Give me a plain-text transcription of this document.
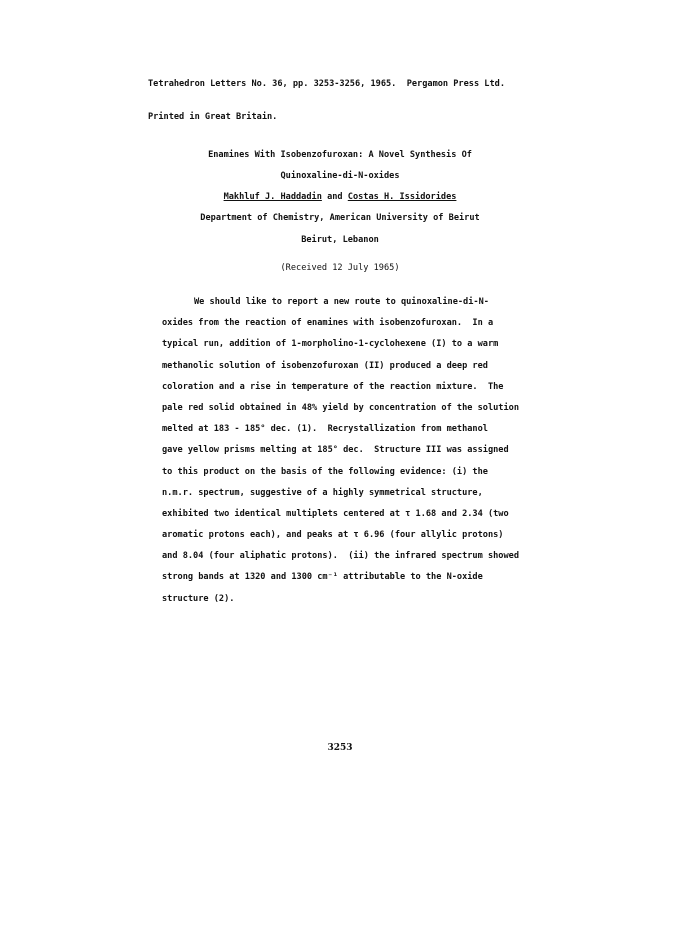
Tetrahedron Letters No. 36, pp. 3253-3256, 1965.  Pergamon Press Ltd.

Printed in Great Britain.

Enamines With Isobenzofuroxan: A Novel Synthesis Of
Quinoxaline-di-N-oxides
Makhluf J. Haddadin and Costas H. Issidorides
Department of Chemistry, American University of Beirut
Beirut, Lebanon
(Received 12 July 1965)
We should like to report a new route to quinoxaline-di-N-
oxides from the reaction of enamines with isobenzofuroxan.  In a
typical run, addition of 1-morpholino-1-cyclohexene (I) to a warm
methanolic solution of isobenzofuroxan (II) produced a deep red
coloration and a rise in temperature of the reaction mixture.  The
pale red solid obtained in 48% yield by concentration of the solution
melted at 183 - 185° dec. (1).  Recrystallization from methanol
gave yellow prisms melting at 185° dec.  Structure III was assigned
to this product on the basis of the following evidence: (i) the
n.m.r. spectrum, suggestive of a highly symmetrical structure,
exhibited two identical multiplets centered at τ 1.68 and 2.34 (two
aromatic protons each), and peaks at τ 6.96 (four allylic protons)
and 8.04 (four aliphatic protons).  (ii) the infrared spectrum showed
strong bands at 1320 and 1300 cm⁻¹ attributable to the N-oxide
structure (2).
3253
